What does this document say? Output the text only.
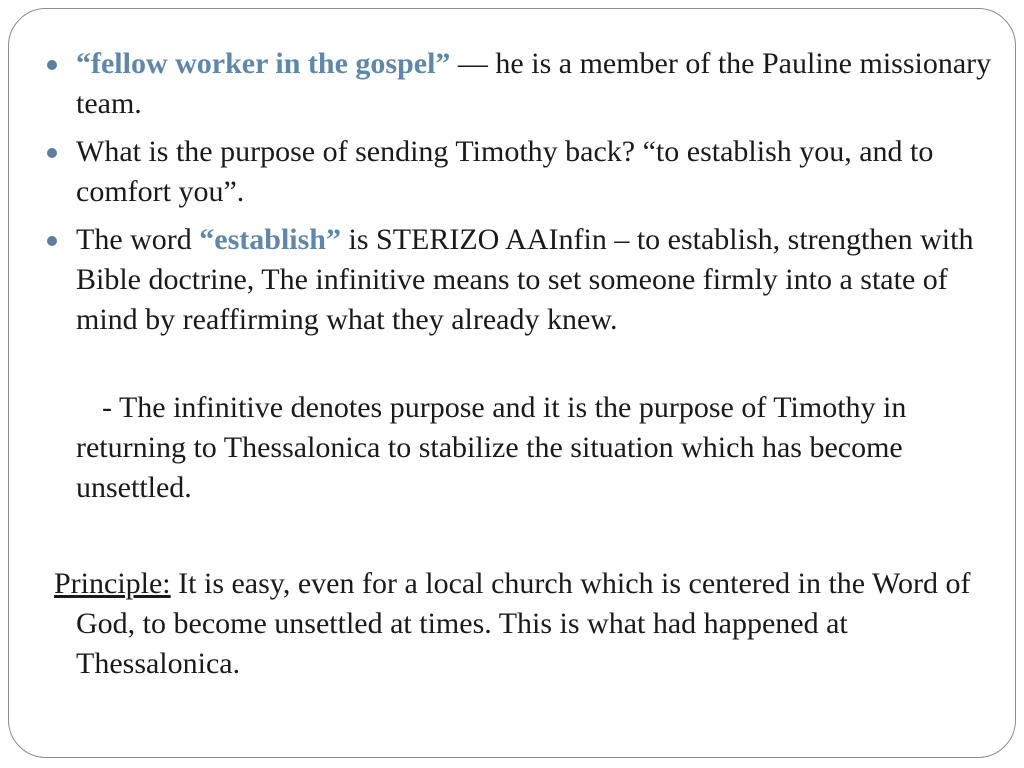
“fellow worker in the gospel” — he is a member of the Pauline missionary team.
What is the purpose of sending Timothy back? “to establish you, and to comfort you”.
The word “establish” is STERIZO AAInfin – to establish, strengthen with Bible doctrine, The infinitive means to set someone firmly into a state of mind by reaffirming what they already knew.
- The infinitive denotes purpose and it is the purpose of Timothy in returning to Thessalonica to stabilize the situation which has become unsettled.
Principle: It is easy, even for a local church which is centered in the Word of God, to become unsettled at times. This is what had happened at Thessalonica.
